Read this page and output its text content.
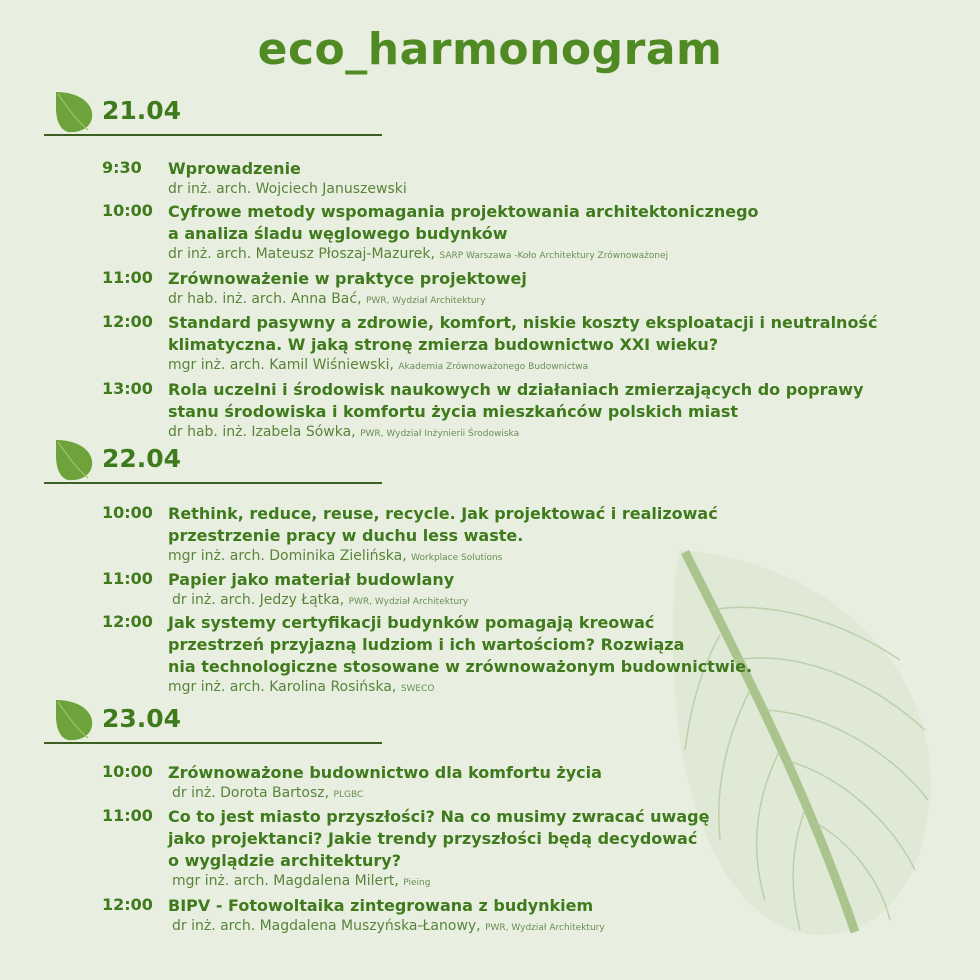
eco_harmonogram
21.04
9:30	Wprowadzenie
dr inż. arch. Wojciech Januszewski
10:00 Cyfrowe metody wspomagania projektowania architektonicznego
a analiza śladu węglowego budynków
dr inż. arch. Mateusz Płoszaj-Mazurek, SARP Warszawa -Koło Architektury Zrównoważonej
11:00 Zrównoważenie w praktyce projektowej
dr hab. inż. arch. Anna Bać, PWR, Wydział Architektury
12:00 Standard pasywny a zdrowie, komfort, niskie koszty eksploatacji i neutralność
klimatyczna. W jaką stronę zmierza budownictwo XXI wieku?
mgr inż. arch. Kamil Wiśniewski, Akademia Zrównoważonego Budownictwa
13:00 Rola uczelni i środowisk naukowych w działaniach zmierzających do poprawy
stanu środowiska i komfortu życia mieszkańców polskich miast
dr hab. inż. Izabela Sówka, PWR, Wydział Inżynierii Środowiska
22.04
10:00 Rethink, reduce, reuse, recycle. Jak projektować i realizować
przestrzenie pracy w duchu less waste.
mgr inż. arch. Dominika Zielińska, Workplace Solutions
11:00 Papier jako materiał budowlany
dr inż. arch. Jedzy Łątka, PWR, Wydział Architektury
12:00 Jak systemy certyfikacji budynków pomagają kreować
przestrzeń przyjazną ludziom i ich wartościom? Rozwiąza
nia technologiczne stosowane w zrównoważonym budownictwie.
mgr inż. arch. Karolina Rosińska, SWECO
23.04
10:00 Zrównoważone budownictwo dla komfortu życia
dr inż. Dorota Bartosz, PLGBC
11:00 Co to jest miasto przyszłości? Na co musimy zwracać uwagę
jako projektanci? Jakie trendy przyszłości będą decydować
o wyglądzie architektury?
mgr inż. arch. Magdalena Milert, Pieing
12:00 BIPV - Fotowoltaika zintegrowana z budynkiem
dr inż. arch. Magdalena Muszyńska-Łanowy, PWR, Wydział Architektury
